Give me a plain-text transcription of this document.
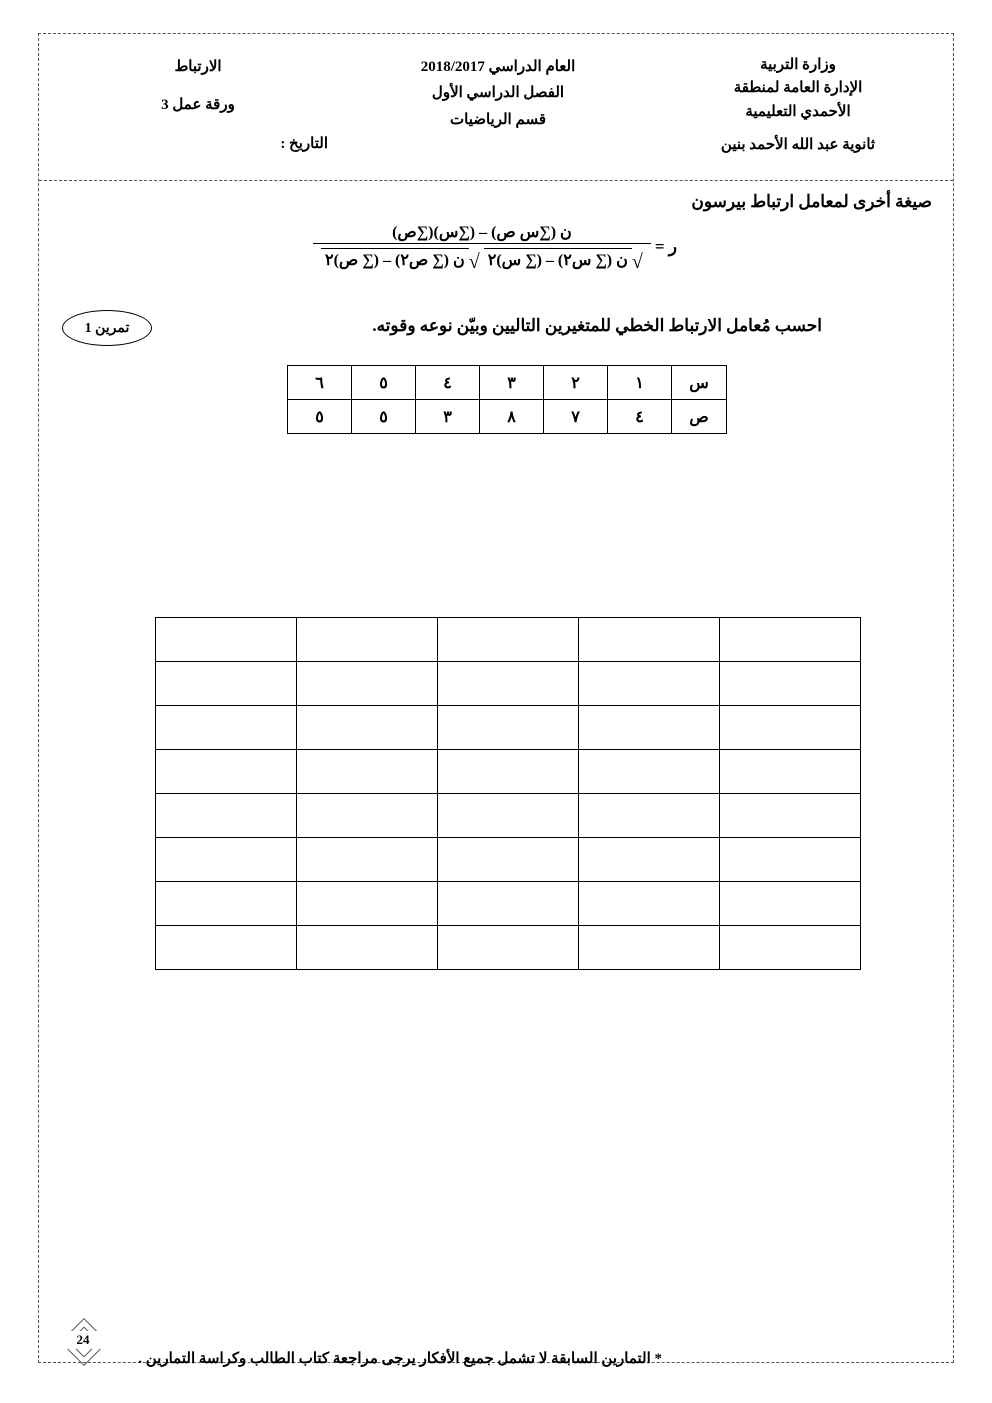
وزارة التربية
الإدارة العامة لمنطقة
الأحمدي التعليمية
ثانوية عبد الله الأحمد بنين
العام الدراسي 2018/2017
الفصل الدراسي الأول
قسم الرياضيات
الارتباط
ورقة عمل 3
التاريخ :
صيغة أخرى لمعامل ارتباط بيرسون
ر =
$\frac{\text{ن (∑س ص) – (∑س)(∑ص)}}{\text{√ن (∑ س٢) – (∑ س)٢ √ن (∑ ص٢) – (∑ ص)٢}}$
تمرين 1	احسب مُعامل الارتباط الخطي للمتغيرين التاليين وبيّن نوعه وقوته.
س	١	٢	٣	٤	٥	٦
ص	٤	٧	٨	٣	٥	٥

* التمارين السابقة لا تشمل جميع الأفكار يرجى مراجعة كتاب الطالب وكراسة التمارين .
24
